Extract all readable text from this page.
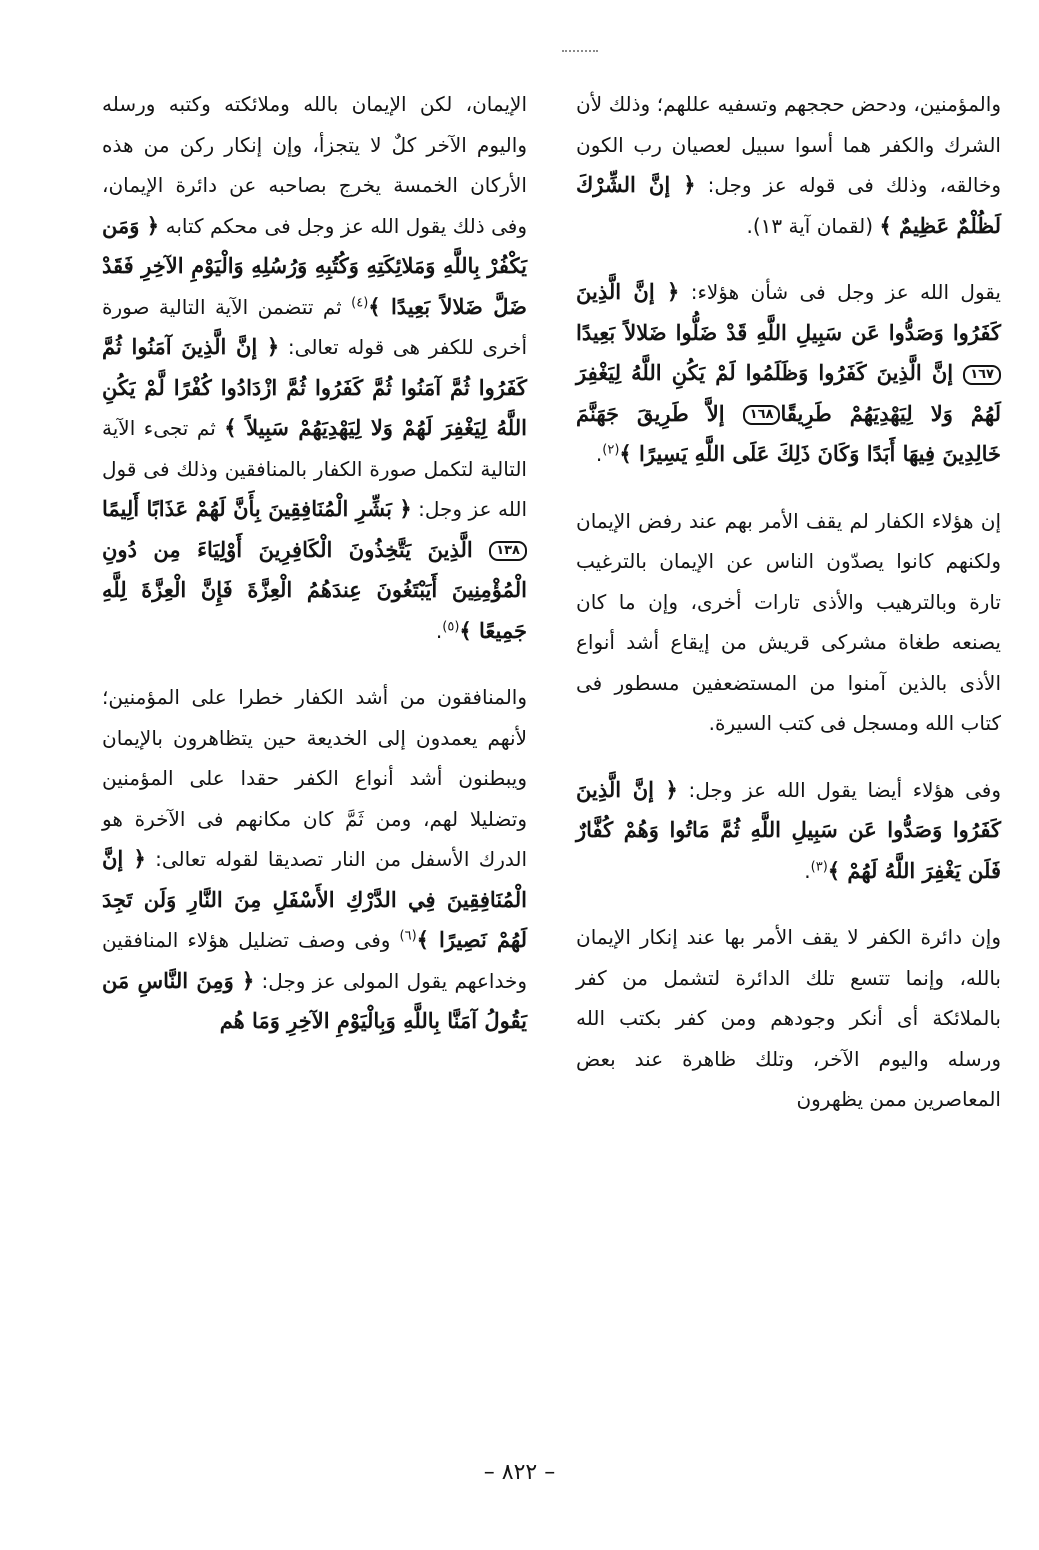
والمؤمنين، ودحض حججهم وتسفيه عللهم؛ وذلك لأن الشرك والكفر هما أسوا سبيل لعصيان رب الكون وخالقه، وذلك فى قوله عز وجل: ﴿ إنَّ الشِّرْكَ لَظُلْمٌ عَظِيمٌ ﴾ (لقمان آية ١٣).

يقول الله عز وجل فى شأن هؤلاء: ﴿ إنَّ الَّذِينَ كَفَرُوا وَصَدُّوا عَن سَبِيلِ اللَّهِ قَدْ ضَلُّوا ضَلالاً بَعِيدًا١٦٧ إنَّ الَّذِينَ كَفَرُوا وَظَلَمُوا لَمْ يَكُنِ اللَّهُ لِيَغْفِرَ لَهُمْ وَلا لِيَهْدِيَهُمْ طَرِيقًا١٦٨ إلاَّ طَرِيقَ جَهَنَّمَ خَالِدِينَ فِيهَا أَبَدًا وَكَانَ ذَلِكَ عَلَى اللَّهِ يَسِيرًا ﴾$^{(٢)}$.

إن هؤلاء الكفار لم يقف الأمر بهم عند رفض الإيمان ولكنهم كانوا يصدّون الناس عن الإيمان بالترغيب تارة وبالترهيب والأذى تارات أخرى، وإن ما كان يصنعه طغاة مشركى قريش من إيقاع أشد أنواع الأذى بالذين آمنوا من المستضعفين مسطور فى كتاب الله ومسجل فى كتب السيرة.

وفى هؤلاء أيضا يقول الله عز وجل: ﴿ إنَّ الَّذِينَ كَفَرُوا وَصَدُّوا عَن سَبِيلِ اللَّهِ ثُمَّ مَاتُوا وَهُمْ كُفَّارٌ فَلَن يَغْفِرَ اللَّهُ لَهُمْ ﴾$^{(٣)}$.

وإن دائرة الكفر لا يقف الأمر بها عند إنكار الإيمان بالله، وإنما تتسع تلك الدائرة لتشمل من كفر بالملائكة أى أنكر وجودهم ومن كفر بكتب الله ورسله واليوم الآخر، وتلك ظاهرة عند بعض المعاصرين ممن يظهرون

الإيمان، لكن الإيمان بالله وملائكته وكتبه ورسله واليوم الآخر كلٌ لا يتجزأ، وإن إنكار ركن من هذه الأركان الخمسة يخرج بصاحبه عن دائرة الإيمان، وفى ذلك يقول الله عز وجل فى محكم كتابه ﴿ وَمَن يَكْفُرْ بِاللَّهِ وَمَلائِكَتِهِ وَكُتُبِهِ وَرُسُلِهِ وَالْيَوْمِ الآخِرِ فَقَدْ ضَلَّ ضَلالاً بَعِيدًا ﴾$^{(٤)}$ ثم تتضمن الآية التالية صورة أخرى للكفر هى قوله تعالى: ﴿ إنَّ الَّذِينَ آمَنُوا ثُمَّ كَفَرُوا ثُمَّ آمَنُوا ثُمَّ كَفَرُوا ثُمَّ ازْدَادُوا كُفْرًا لَّمْ يَكُنِ اللَّهُ لِيَغْفِرَ لَهُمْ وَلا لِيَهْدِيَهُمْ سَبِيلاً ﴾ ثم تجىء الآية التالية لتكمل صورة الكفار بالمنافقين وذلك فى قول الله عز وجل: ﴿ بَشِّرِ الْمُنَافِقِينَ بِأَنَّ لَهُمْ عَذَابًا أَلِيمًا١٣٨ الَّذِينَ يَتَّخِذُونَ الْكَافِرِينَ أَوْلِيَاءَ مِن دُونِ الْمُؤْمِنِينَ أَيَبْتَغُونَ عِندَهُمُ الْعِزَّةَ فَإِنَّ الْعِزَّةَ لِلَّهِ جَمِيعًا ﴾$^{(٥)}$.

والمنافقون من أشد الكفار خطرا على المؤمنين؛ لأنهم يعمدون إلى الخديعة حين يتظاهرون بالإيمان ويبطنون أشد أنواع الكفر حقدا على المؤمنين وتضليلا لهم، ومن ثَمَّ كان مكانهم فى الآخرة هو الدرك الأسفل من النار تصديقا لقوله تعالى: ﴿ إنَّ الْمُنَافِقِينَ فِي الدَّرْكِ الأَسْفَلِ مِنَ النَّارِ وَلَن تَجِدَ لَهُمْ نَصِيرًا ﴾$^{(٦)}$ وفى وصف تضليل هؤلاء المنافقين وخداعهم يقول المولى عز وجل: ﴿ وَمِنَ النَّاسِ مَن يَقُولُ آمَنَّا بِاللَّهِ وَبِالْيَوْمِ الآخِرِ وَمَا هُم

– ٨٢٢ –
